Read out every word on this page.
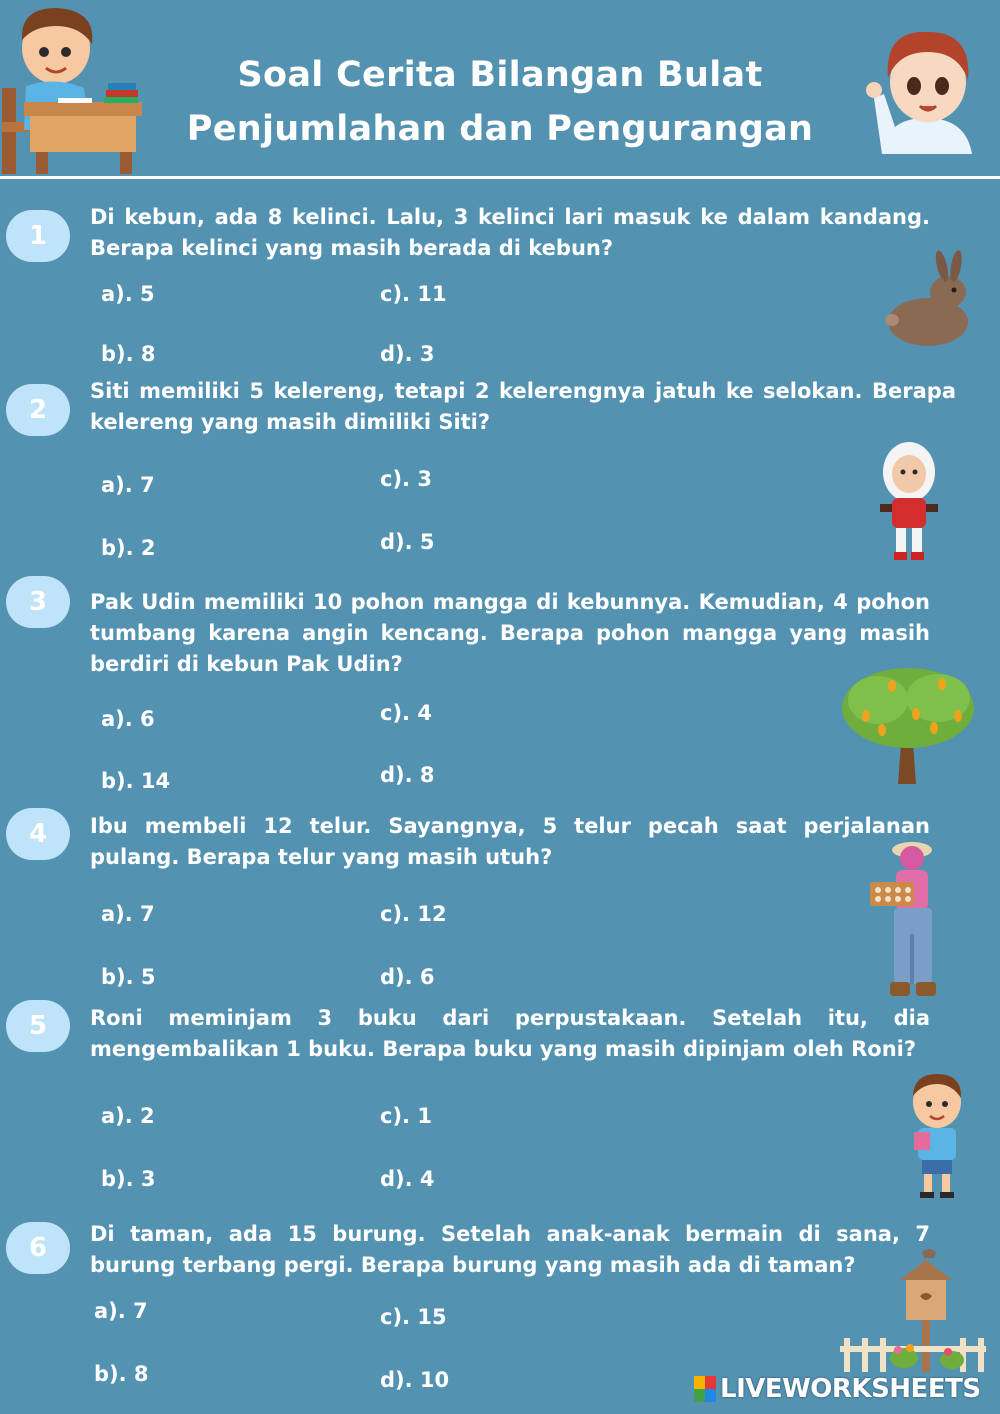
Soal Cerita Bilangan Bulat
Penjumlahan dan Pengurangan
1
Di kebun, ada 8 kelinci. Lalu, 3 kelinci lari masuk ke dalam kandang. Berapa kelinci yang masih berada di kebun?
a). 5
b). 8
c). 11
d). 3
2
Siti memiliki 5 kelereng, tetapi 2 kelerengnya jatuh ke selokan. Berapa kelereng yang masih dimiliki Siti?
a). 7
b). 2
c). 3
d). 5
3	Pak Udin memiliki 10 pohon mangga di kebunnya. Kemudian, 4 pohon tumbang karena angin kencang. Berapa pohon mangga yang masih berdiri di kebun Pak Udin?
a). 6
b). 14
c). 4
d). 8
4	Ibu membeli 12 telur. Sayangnya, 5 telur pecah saat perjalanan pulang. Berapa telur yang masih utuh?
a). 7
b). 5
c). 12
d). 6
5	Roni meminjam 3 buku dari perpustakaan. Setelah itu, dia mengembalikan 1 buku. Berapa buku yang masih dipinjam oleh Roni?
a). 2
b). 3
c). 1
d). 4
6	Di taman, ada 15 burung. Setelah anak-anak bermain di sana, 7 burung terbang pergi. Berapa burung yang masih ada di taman?
a). 7
b). 8
c). 15
d). 10	LIVEWORKSHEETS
